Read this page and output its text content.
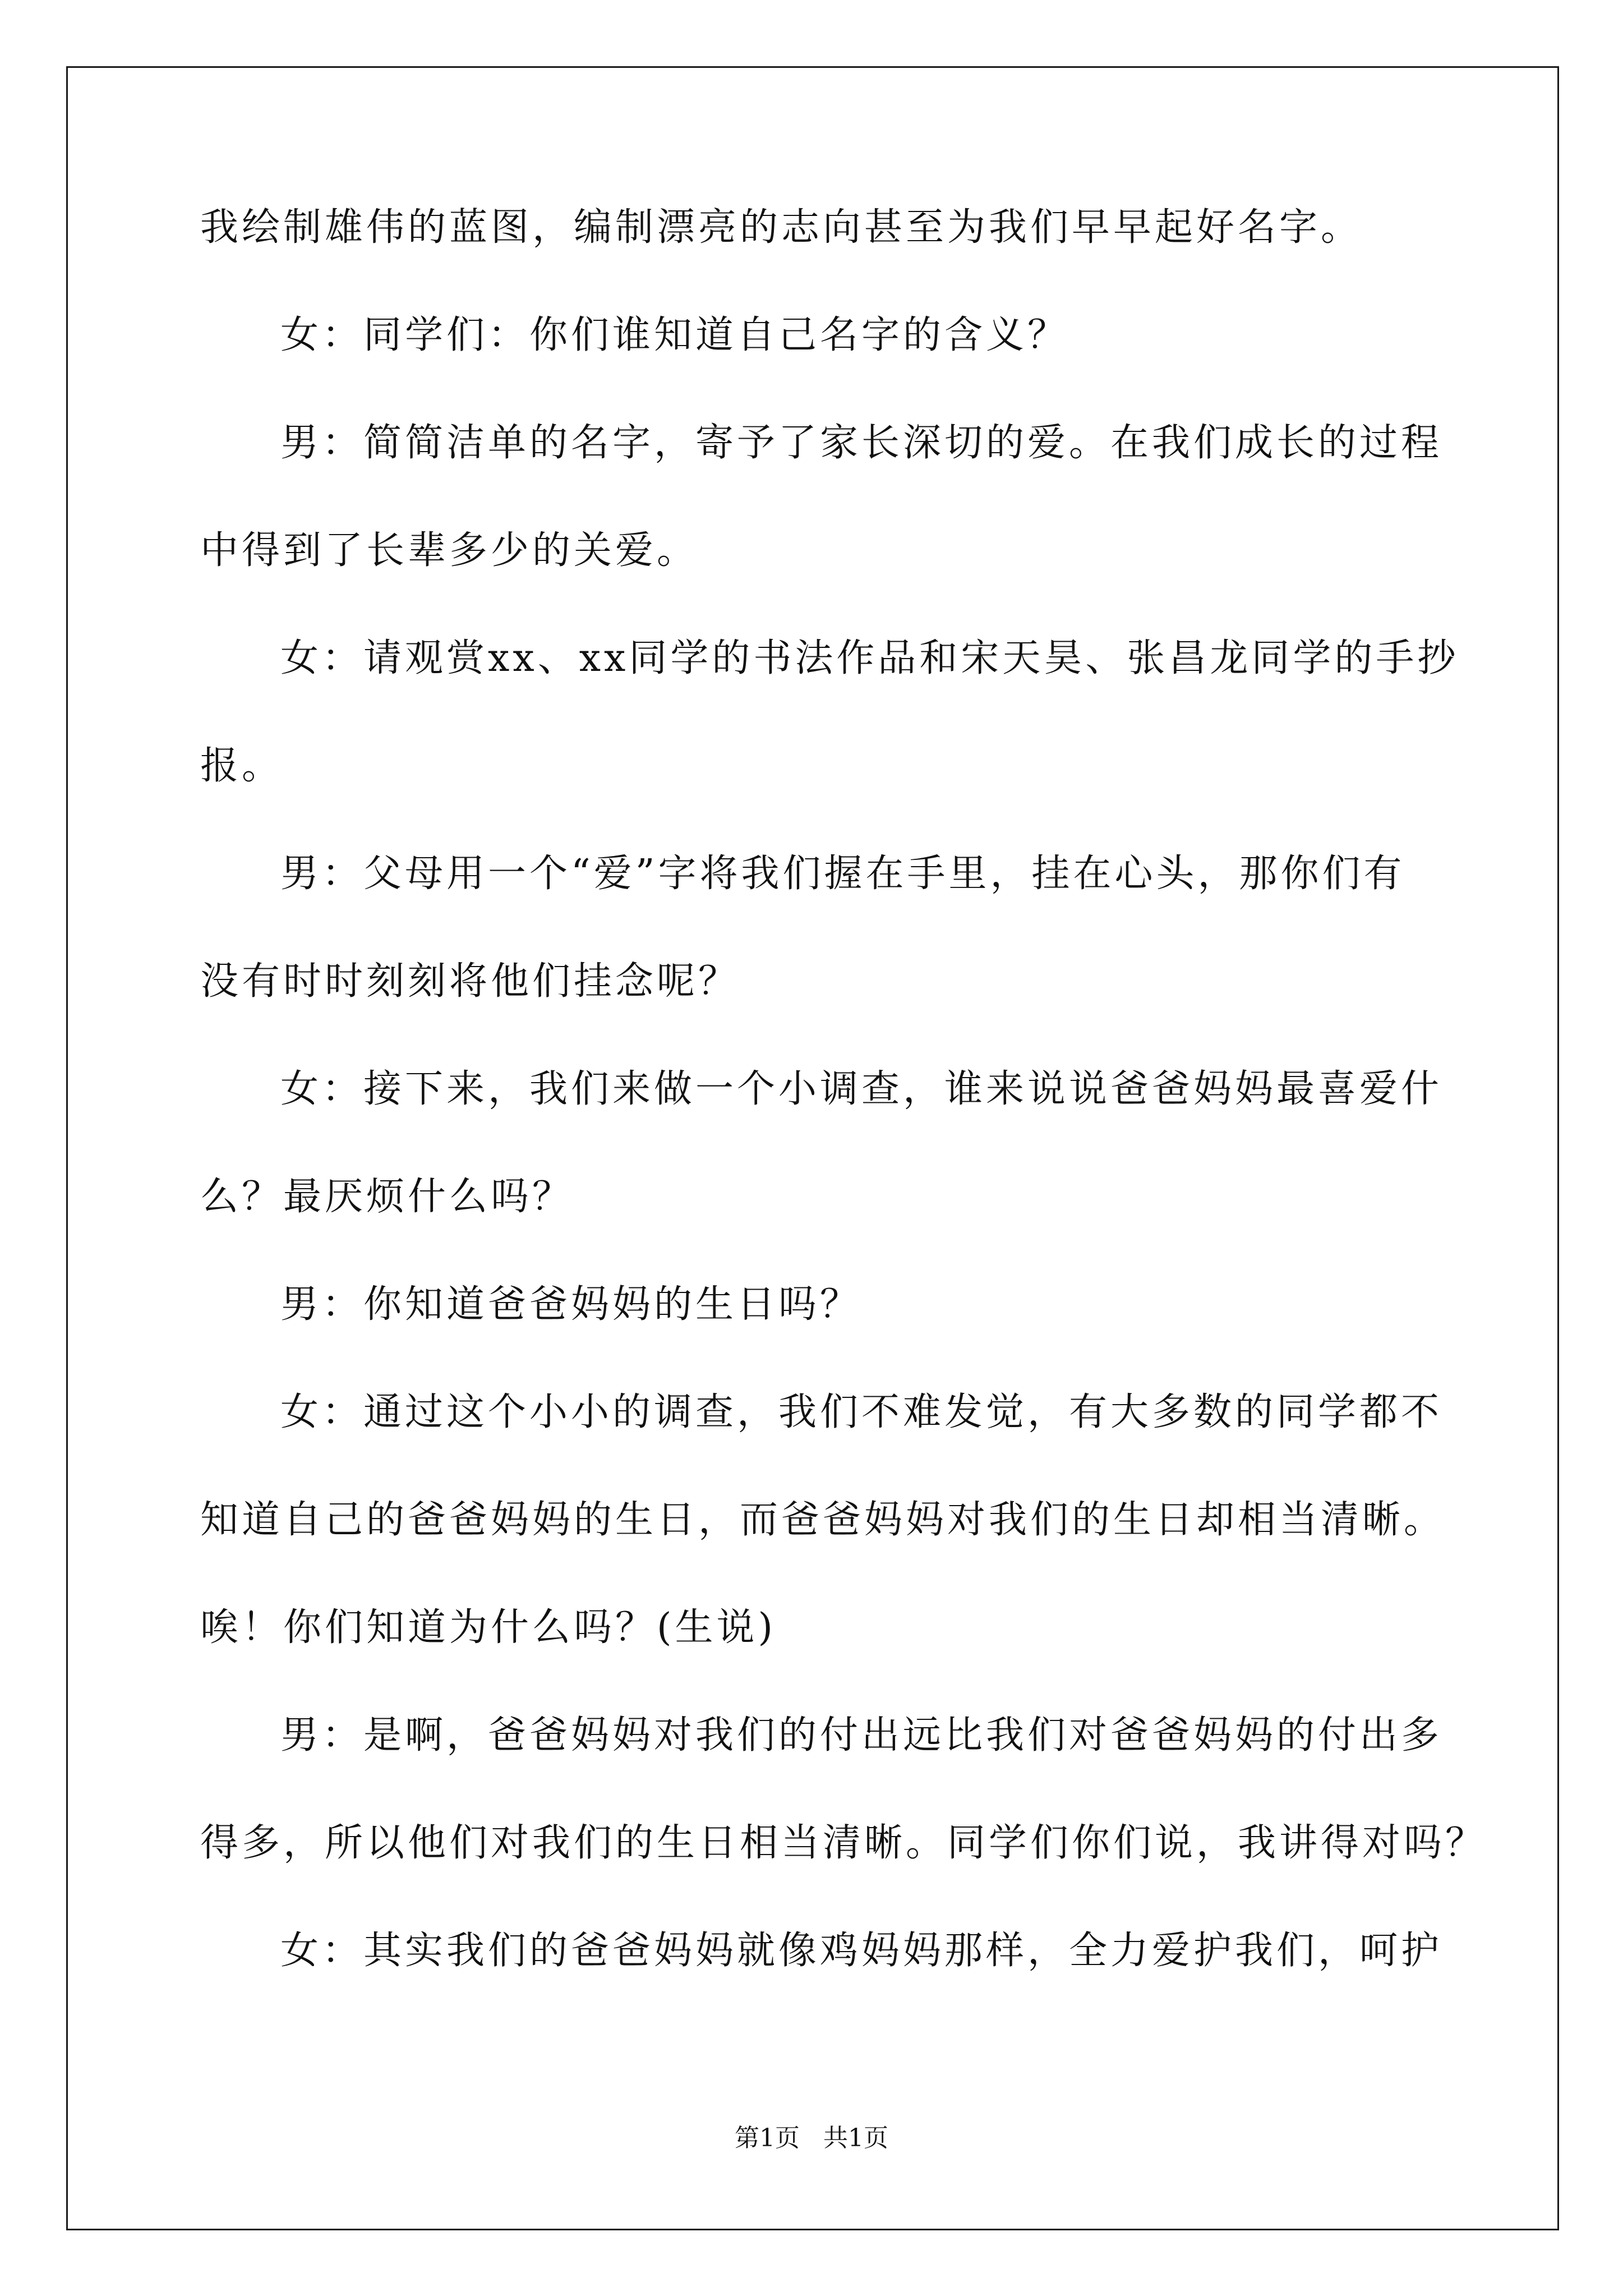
我绘制雄伟的蓝图，编制漂亮的志向甚至为我们早早起好名字。
女：同学们：你们谁知道自己名字的含义？
男：简简洁单的名字，寄予了家长深切的爱。在我们成长的过程
中得到了长辈多少的关爱。
女：请观赏xx、xx同学的书法作品和宋天昊、张昌龙同学的手抄
报。
男：父母用一个“爱”字将我们握在手里，挂在心头，那你们有
没有时时刻刻将他们挂念呢？
女：接下来，我们来做一个小调查，谁来说说爸爸妈妈最喜爱什
么？最厌烦什么吗？
男：你知道爸爸妈妈的生日吗？
女：通过这个小小的调查，我们不难发觉，有大多数的同学都不
知道自己的爸爸妈妈的生日，而爸爸妈妈对我们的生日却相当清晰。
唉！你们知道为什么吗？(生说)
男：是啊，爸爸妈妈对我们的付出远比我们对爸爸妈妈的付出多
得多，所以他们对我们的生日相当清晰。同学们你们说，我讲得对吗？
女：其实我们的爸爸妈妈就像鸡妈妈那样，全力爱护我们，呵护
第1页   共1页
